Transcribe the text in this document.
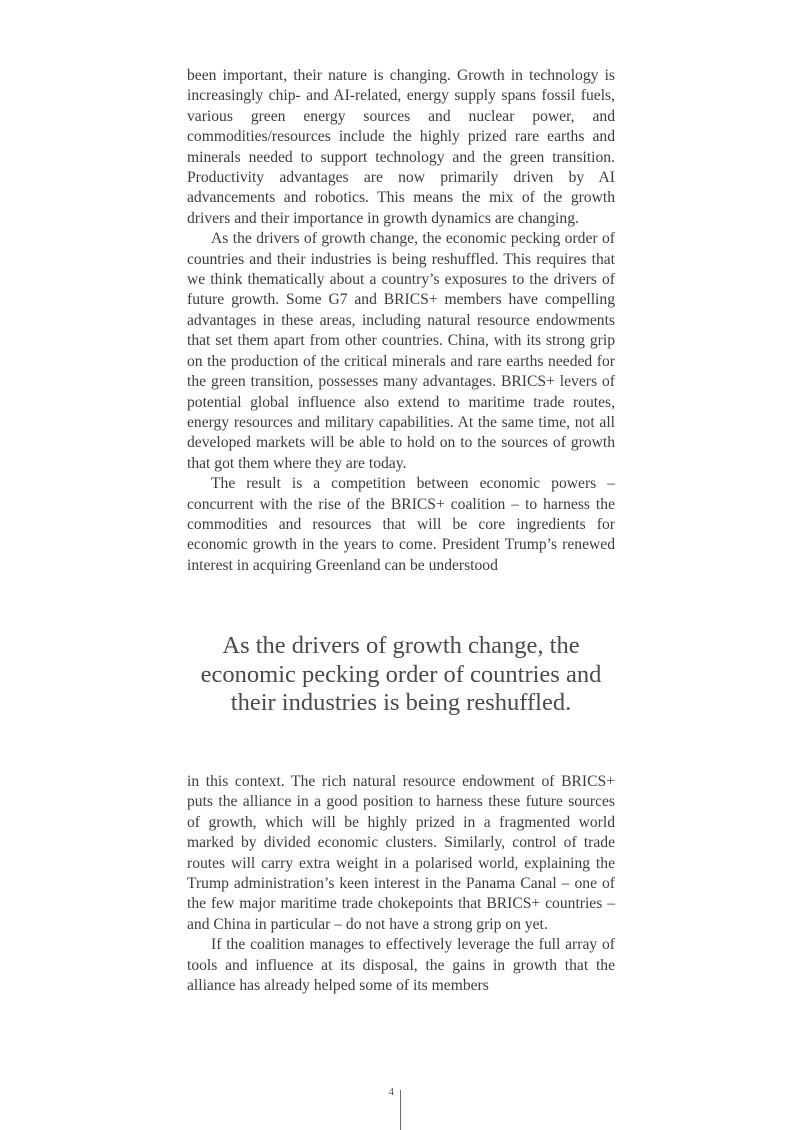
been important, their nature is changing. Growth in technology is increasingly chip- and AI-related, energy supply spans fossil fuels, various green energy sources and nuclear power, and commodities/resources include the highly prized rare earths and minerals needed to support technology and the green transition. Productivity advantages are now primarily driven by AI advancements and robotics. This means the mix of the growth drivers and their importance in growth dynamics are changing.

As the drivers of growth change, the economic pecking order of countries and their industries is being reshuffled. This requires that we think thematically about a country’s exposures to the drivers of future growth. Some G7 and BRICS+ members have compelling advantages in these areas, including natural resource endowments that set them apart from other countries. China, with its strong grip on the production of the critical minerals and rare earths needed for the green transition, possesses many advantages. BRICS+ levers of potential global influence also extend to maritime trade routes, energy resources and military capabilities. At the same time, not all developed markets will be able to hold on to the sources of growth that got them where they are today.

The result is a competition between economic powers – concurrent with the rise of the BRICS+ coalition – to harness the commodities and resources that will be core ingredients for economic growth in the years to come. President Trump’s renewed interest in acquiring Greenland can be understood

As the drivers of growth change, the economic pecking order of countries and their industries is being reshuffled.

in this context. The rich natural resource endowment of BRICS+ puts the alliance in a good position to harness these future sources of growth, which will be highly prized in a fragmented world marked by divided economic clusters. Similarly, control of trade routes will carry extra weight in a polarised world, explaining the Trump administration’s keen interest in the Panama Canal – one of the few major maritime trade chokepoints that BRICS+ countries – and China in particular – do not have a strong grip on yet.

If the coalition manages to effectively leverage the full array of tools and influence at its disposal, the gains in growth that the alliance has already helped some of its members

4
